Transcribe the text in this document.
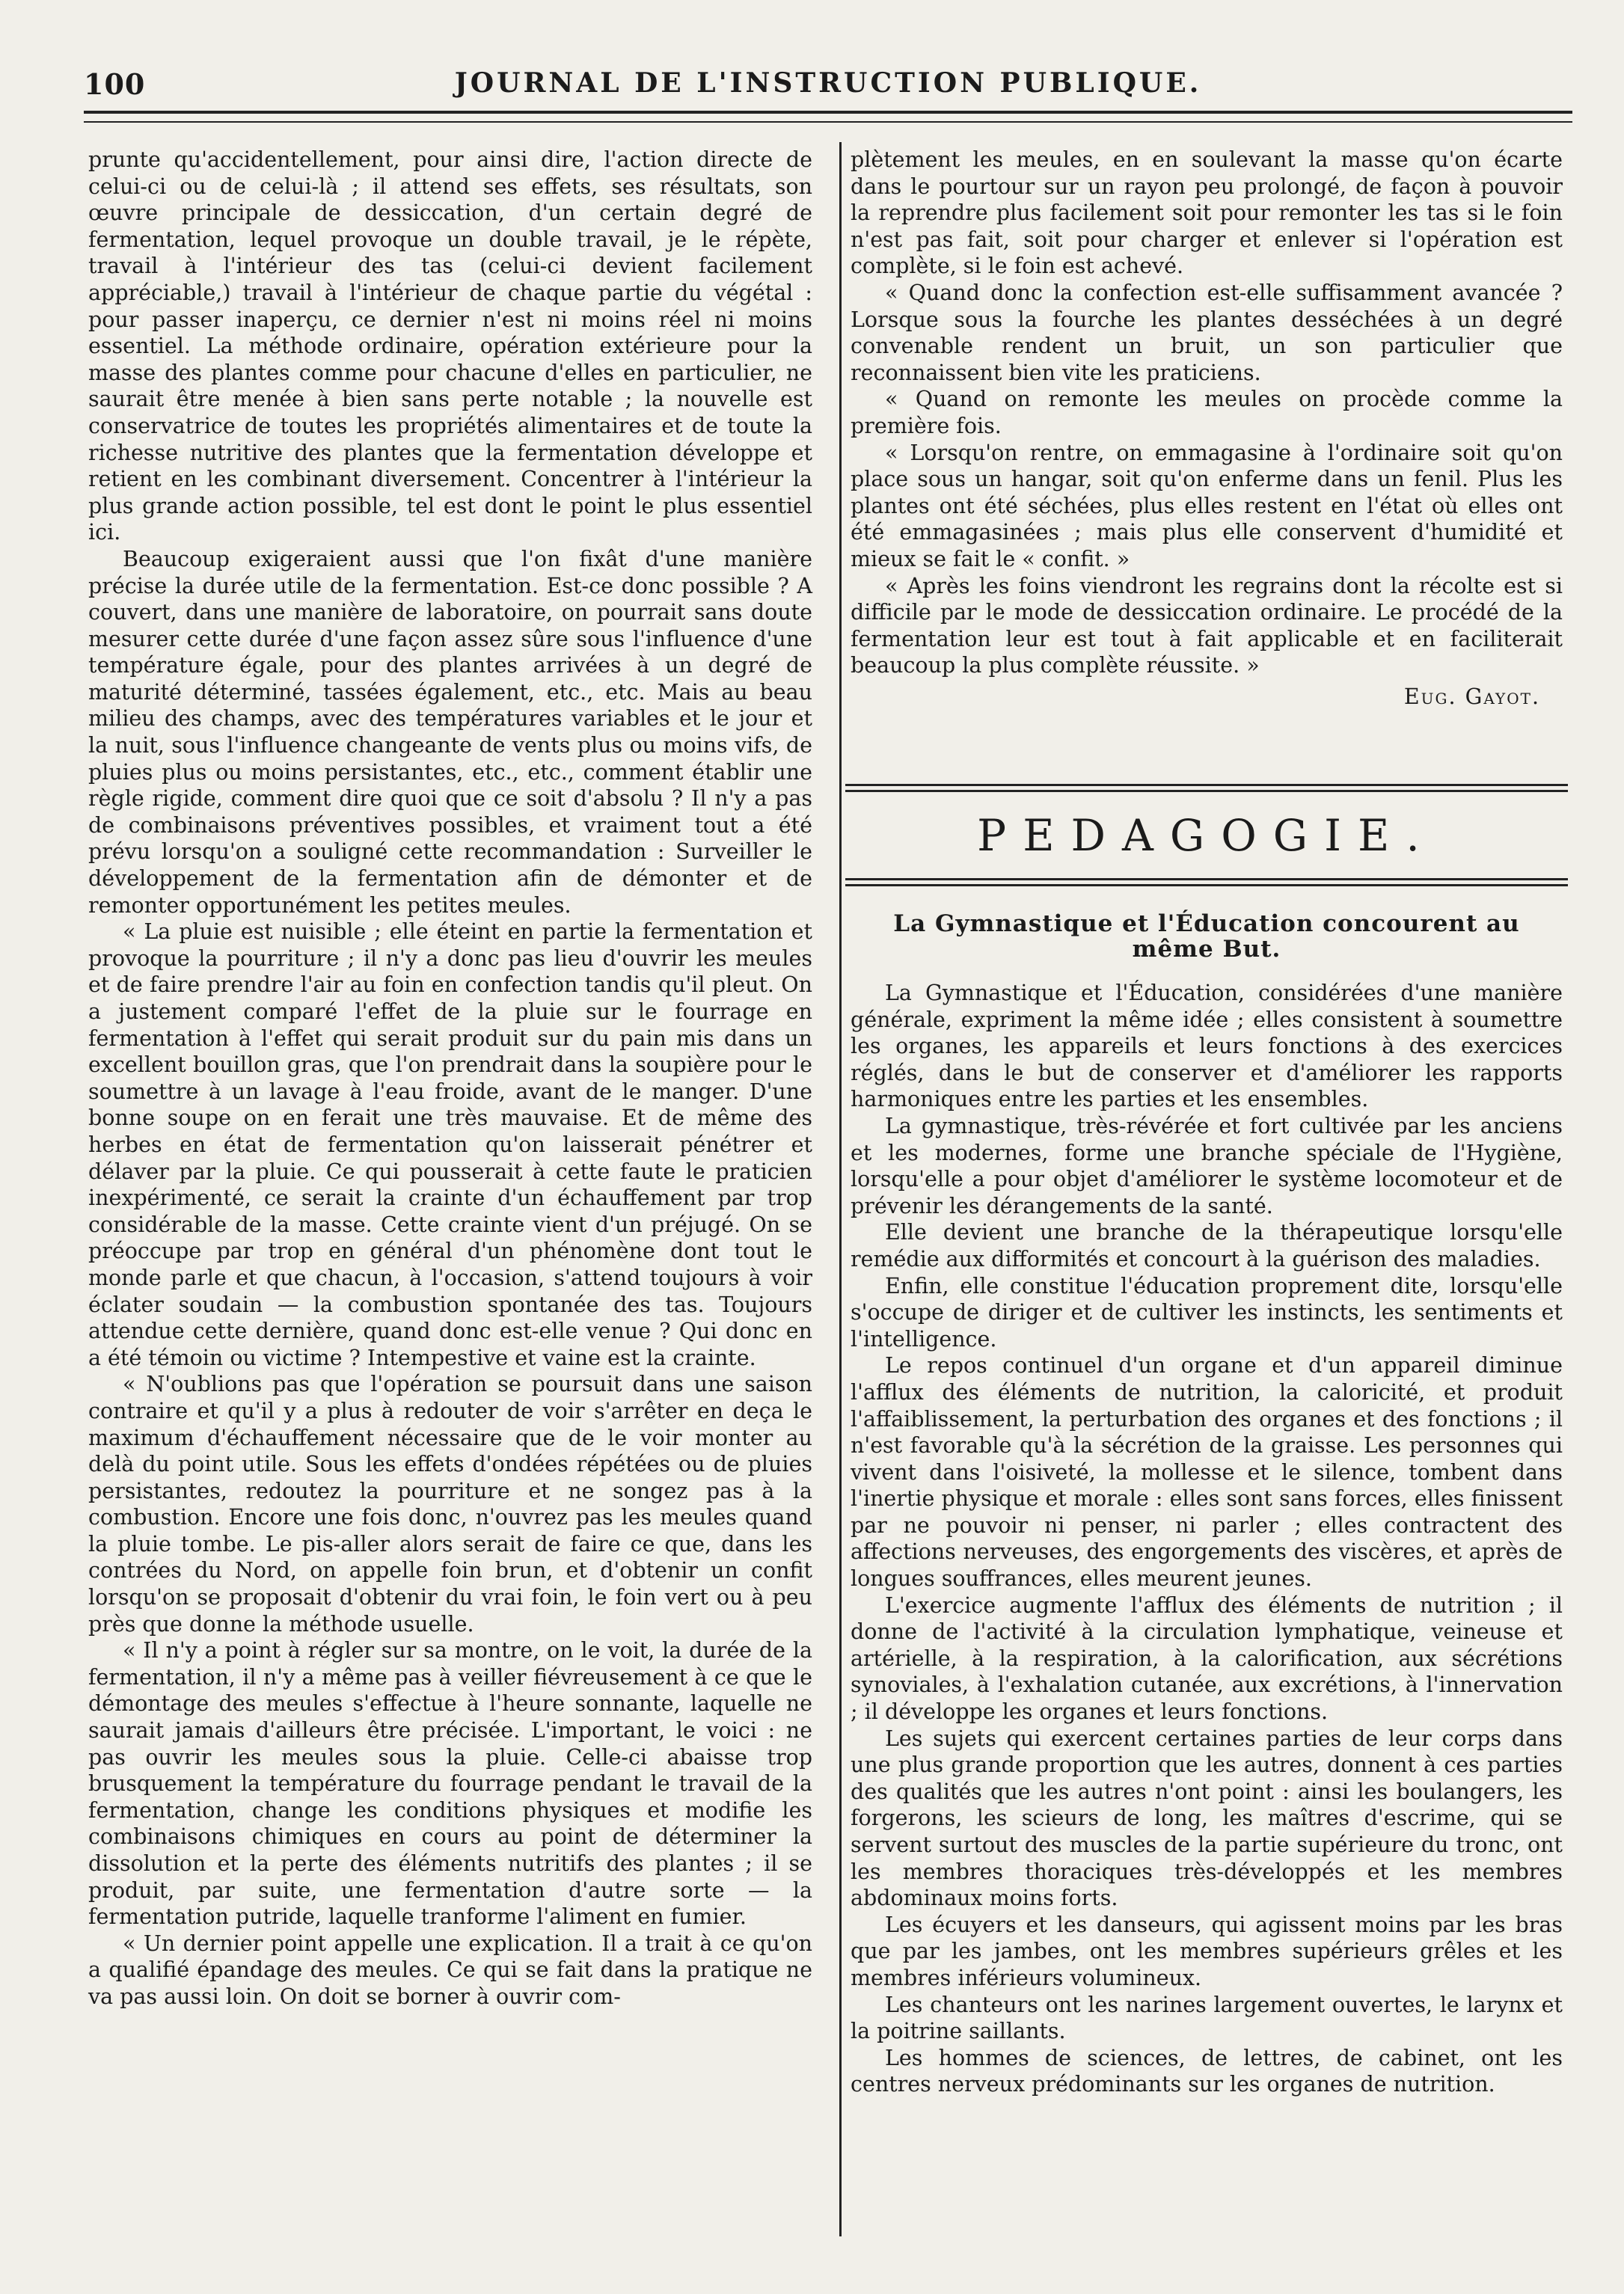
100	JOURNAL DE L'INSTRUCTION PUBLIQUE.

prunte qu'accidentellement, pour ainsi dire, l'action directe de celui-ci ou de celui-là ; il attend ses effets, ses résultats, son œuvre principale de dessiccation, d'un certain degré de fermentation, lequel provoque un double travail, je le répète, travail à l'intérieur des tas (celui-ci devient facilement appréciable,) travail à l'intérieur de chaque partie du végétal : pour passer inaperçu, ce dernier n'est ni moins réel ni moins essentiel. La méthode ordinaire, opération extérieure pour la masse des plantes comme pour chacune d'elles en particulier, ne saurait être menée à bien sans perte notable ; la nouvelle est conservatrice de toutes les propriétés alimentaires et de toute la richesse nutritive des plantes que la fermentation développe et retient en les combinant diversement. Concentrer à l'intérieur la plus grande action possible, tel est dont le point le plus essentiel ici.

Beaucoup exigeraient aussi que l'on fixât d'une manière précise la durée utile de la fermentation. Est-ce donc possible ? A couvert, dans une manière de laboratoire, on pourrait sans doute mesurer cette durée d'une façon assez sûre sous l'influence d'une température égale, pour des plantes arrivées à un degré de maturité déterminé, tassées également, etc., etc. Mais au beau milieu des champs, avec des températures variables et le jour et la nuit, sous l'influence changeante de vents plus ou moins vifs, de pluies plus ou moins persistantes, etc., etc., comment établir une règle rigide, comment dire quoi que ce soit d'absolu ? Il n'y a pas de combinaisons préventives possibles, et vraiment tout a été prévu lorsqu'on a souligné cette recommandation : Surveiller le développement de la fermentation afin de démonter et de remonter opportunément les petites meules.

« La pluie est nuisible ; elle éteint en partie la fermentation et provoque la pourriture ; il n'y a donc pas lieu d'ouvrir les meules et de faire prendre l'air au foin en confection tandis qu'il pleut. On a justement comparé l'effet de la pluie sur le fourrage en fermentation à l'effet qui serait produit sur du pain mis dans un excellent bouillon gras, que l'on prendrait dans la soupière pour le soumettre à un lavage à l'eau froide, avant de le manger. D'une bonne soupe on en ferait une très mauvaise. Et de même des herbes en état de fermentation qu'on laisserait pénétrer et délaver par la pluie. Ce qui pousserait à cette faute le praticien inexpérimenté, ce serait la crainte d'un échauffement par trop considérable de la masse. Cette crainte vient d'un préjugé. On se préoccupe par trop en général d'un phénomène dont tout le monde parle et que chacun, à l'occasion, s'attend toujours à voir éclater soudain — la combustion spontanée des tas. Toujours attendue cette dernière, quand donc est-elle venue ? Qui donc en a été témoin ou victime ? Intempestive et vaine est la crainte.

« N'oublions pas que l'opération se poursuit dans une saison contraire et qu'il y a plus à redouter de voir s'arrêter en deça le maximum d'échauffement nécessaire que de le voir monter au delà du point utile. Sous les effets d'ondées répétées ou de pluies persistantes, redoutez la pourriture et ne songez pas à la combustion. Encore une fois donc, n'ouvrez pas les meules quand la pluie tombe. Le pis-aller alors serait de faire ce que, dans les contrées du Nord, on appelle foin brun, et d'obtenir un confit lorsqu'on se proposait d'obtenir du vrai foin, le foin vert ou à peu près que donne la méthode usuelle.

« Il n'y a point à régler sur sa montre, on le voit, la durée de la fermentation, il n'y a même pas à veiller fiévreusement à ce que le démontage des meules s'effectue à l'heure sonnante, laquelle ne saurait jamais d'ailleurs être précisée. L'important, le voici : ne pas ouvrir les meules sous la pluie. Celle-ci abaisse trop brusquement la température du fourrage pendant le travail de la fermentation, change les conditions physiques et modifie les combinaisons chimiques en cours au point de déterminer la dissolution et la perte des éléments nutritifs des plantes ; il se produit, par suite, une fermentation d'autre sorte — la fermentation putride, laquelle tranforme l'aliment en fumier.

« Un dernier point appelle une explication. Il a trait à ce qu'on a qualifié épandage des meules. Ce qui se fait dans la pratique ne va pas aussi loin. On doit se borner à ouvrir com-

plètement les meules, en en soulevant la masse qu'on écarte dans le pourtour sur un rayon peu prolongé, de façon à pouvoir la reprendre plus facilement soit pour remonter les tas si le foin n'est pas fait, soit pour charger et enlever si l'opération est complète, si le foin est achevé.

« Quand donc la confection est-elle suffisamment avancée ? Lorsque sous la fourche les plantes desséchées à un degré convenable rendent un bruit, un son particulier que reconnaissent bien vite les praticiens.

« Quand on remonte les meules on procède comme la première fois.

« Lorsqu'on rentre, on emmagasine à l'ordinaire soit qu'on place sous un hangar, soit qu'on enferme dans un fenil. Plus les plantes ont été séchées, plus elles restent en l'état où elles ont été emmagasinées ; mais plus elle conservent d'humidité et mieux se fait le « confit. »

« Après les foins viendront les regrains dont la récolte est si difficile par le mode de dessiccation ordinaire. Le procédé de la fermentation leur est tout à fait applicable et en faciliterait beaucoup la plus complète réussite. »

Eug. Gayot.

PEDAGOGIE.
La Gymnastique et l'Éducation concourent au même But.

La Gymnastique et l'Éducation, considérées d'une manière générale, expriment la même idée ; elles consistent à soumettre les organes, les appareils et leurs fonctions à des exercices réglés, dans le but de conserver et d'améliorer les rapports harmoniques entre les parties et les ensembles.

La gymnastique, très-révérée et fort cultivée par les anciens et les modernes, forme une branche spéciale de l'Hygiène, lorsqu'elle a pour objet d'améliorer le système locomoteur et de prévenir les dérangements de la santé.

Elle devient une branche de la thérapeutique lorsqu'elle remédie aux difformités et concourt à la guérison des maladies.

Enfin, elle constitue l'éducation proprement dite, lorsqu'elle s'occupe de diriger et de cultiver les instincts, les sentiments et l'intelligence.

Le repos continuel d'un organe et d'un appareil diminue l'afflux des éléments de nutrition, la caloricité, et produit l'affaiblissement, la perturbation des organes et des fonctions ; il n'est favorable qu'à la sécrétion de la graisse. Les personnes qui vivent dans l'oisiveté, la mollesse et le silence, tombent dans l'inertie physique et morale : elles sont sans forces, elles finissent par ne pouvoir ni penser, ni parler ; elles contractent des affections nerveuses, des engorgements des viscères, et après de longues souffrances, elles meurent jeunes.

L'exercice augmente l'afflux des éléments de nutrition ; il donne de l'activité à la circulation lymphatique, veineuse et artérielle, à la respiration, à la calorification, aux sécrétions synoviales, à l'exhalation cutanée, aux excrétions, à l'innervation ; il développe les organes et leurs fonctions.

Les sujets qui exercent certaines parties de leur corps dans une plus grande proportion que les autres, donnent à ces parties des qualités que les autres n'ont point : ainsi les boulangers, les forgerons, les scieurs de long, les maîtres d'escrime, qui se servent surtout des muscles de la partie supérieure du tronc, ont les membres thoraciques très-développés et les membres abdominaux moins forts.

Les écuyers et les danseurs, qui agissent moins par les bras que par les jambes, ont les membres supérieurs grêles et les membres inférieurs volumineux.

Les chanteurs ont les narines largement ouvertes, le larynx et la poitrine saillants.

Les hommes de sciences, de lettres, de cabinet, ont les centres nerveux prédominants sur les organes de nutrition.
